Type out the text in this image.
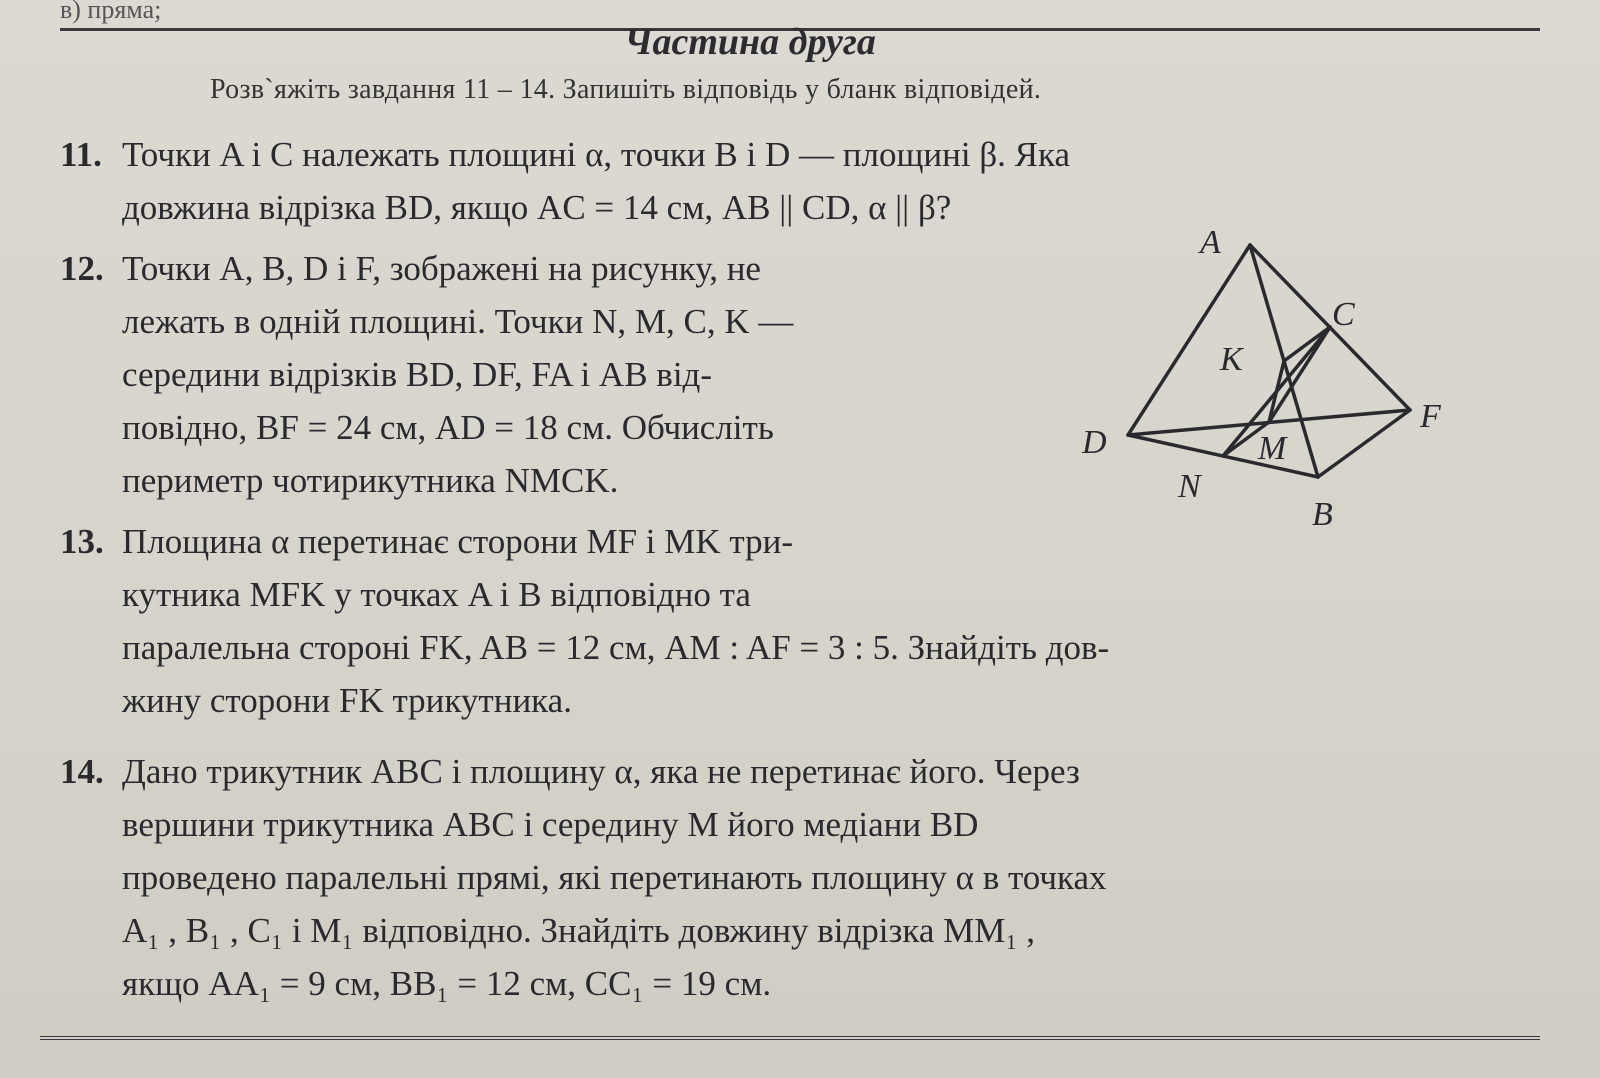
в) пряма;
Частина друга
Розв`яжіть завдання 11 – 14. Запишіть відповідь у бланк відповідей.
11. Точки A і C належать площині α, точки B і D — площині β. Яка
довжина відрізка BD, якщо AC = 14 см, AB || CD, α || β?
12. Точки A, B, D і F, зображені на рисунку, не
лежать в одній площині. Точки N, M, C, K —
середини відрізків BD, DF, FA і AB від-
повідно, BF = 24 см, AD = 18 см. Обчисліть
периметр чотирикутника NMCK.
A
C
K
D
F
M
N
B
13. Площина α перетинає сторони MF і MK три-
кутника MFK у точках A і B відповідно та
паралельна стороні FK, AB = 12 см, AM : AF = 3 : 5. Знайдіть дов-
жину сторони FK трикутника.
14. Дано трикутник ABC і площину α, яка не перетинає його. Через
вершини трикутника ABC і середину M його медіани BD
проведено паралельні прямі, які перетинають площину α в точках
A₁ , B₁ , C₁ і M₁ відповідно. Знайдіть довжину відрізка MM₁ ,
якщо AA₁ = 9 см, BB₁ = 12 см, CC₁ = 19 см.
